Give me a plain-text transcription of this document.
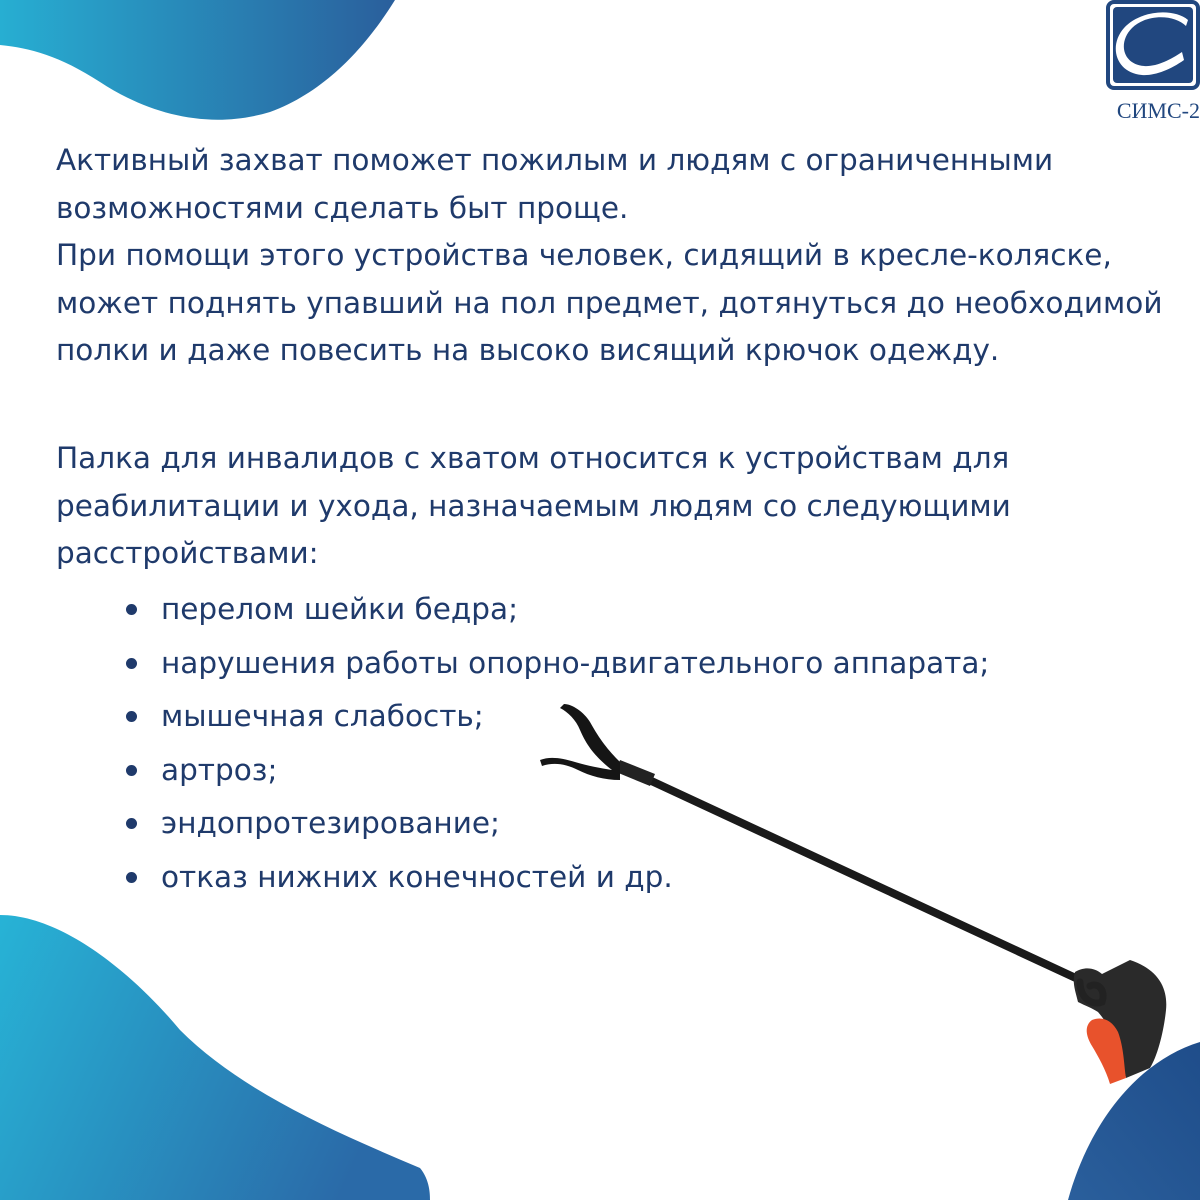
СИМС-2

Активный захват поможет пожилым и людям с ограниченными возможностями сделать быт проще.

При помощи этого устройства человек, сидящий в кресле-коляске, может поднять упавший на пол предмет, дотянуться до необходимой полки и даже повесить на высоко висящий крючок одежду.

Палка для инвалидов с хватом относится к устройствам для реабилитации и ухода, назначаемым людям со следующими расстройствами:

перелом шейки бедра;
нарушения работы опорно-двигательного аппарата;
мышечная слабость;
артроз;
эндопротезирование;
отказ нижних конечностей и др.
